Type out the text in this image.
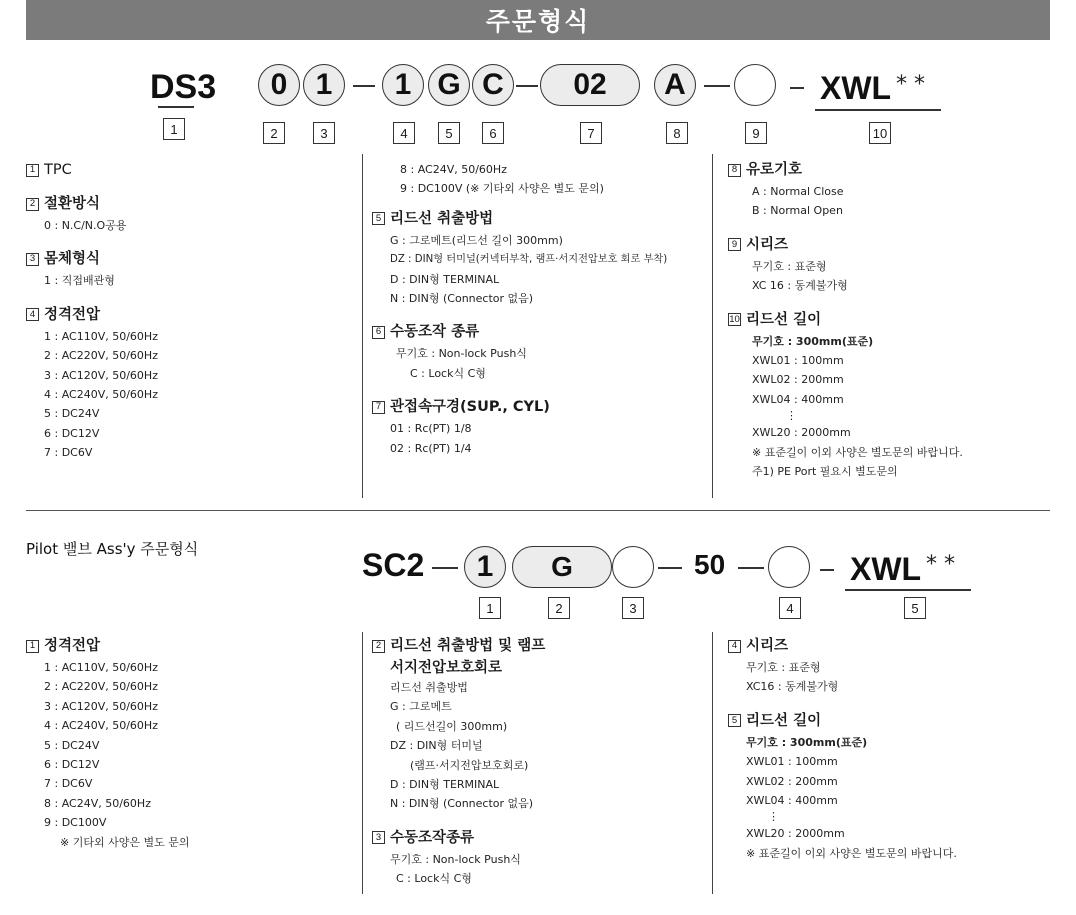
주문형식
DS3	0 1	1 G C	02	A	XWL * *
1	2	3	4	5	6	7	8	9	10
1 TPC
2 절환방식
0 : N.C/N.O공용
3 몸체형식
1 : 직접배관형
4 정격전압
1 : AC110V, 50/60Hz
2 : AC220V, 50/60Hz
3 : AC120V, 50/60Hz
4 : AC240V, 50/60Hz
5 : DC24V
6 : DC12V
7 : DC6V
8 : AC24V, 50/60Hz
9 : DC100V (※ 기타외 사양은 별도 문의)
5 리드선 취출방법
G : 그로메트(리드선 길이 300mm)
DZ : DIN형 터미널(커넥터부착, 램프·서지전압보호 회로 부착)
D : DIN형 TERMINAL
N : DIN형 (Connector 없음)
6 수동조작 종류
무기호 : Non-lock Push식
C : Lock식 C형
7 관접속구경(SUP., CYL)
01 : Rc(PT) 1/8
02 : Rc(PT) 1/4
8 유로기호
A : Normal Close
B : Normal Open
9 시리즈
무기호 : 표준형
XC 16 : 동계불가형
10 리드선 길이
무기호 : 300mm(표준)
XWL01 : 100mm
XWL02 : 200mm
XWL04 : 400mm
⋮
XWL20 : 2000mm
※ 표준길이 이외 사양은 별도문의 바랍니다.
주1) PE Port 필요시 별도문의
Pilot 밸브 Ass'y 주문형식	SC2	1	G	50	XWL * *
1	2	3	4	5
1 정격전압
1 : AC110V, 50/60Hz
2 : AC220V, 50/60Hz
3 : AC120V, 50/60Hz
4 : AC240V, 50/60Hz
5 : DC24V
6 : DC12V
7 : DC6V
8 : AC24V, 50/60Hz
9 : DC100V
※ 기타외 사양은 별도 문의
2 리드선 취출방법 및 램프
서지전압보호회로
리드선 취출방법
G : 그로메트
( 리드선길이 300mm)
DZ : DIN형 터미널
(램프·서지전압보호회로)
D : DIN형 TERMINAL
N : DIN형 (Connector 없음)
3 수동조작종류
무기호 : Non-lock Push식
C : Lock식 C형
4 시리즈
무기호 : 표준형
XC16 : 동계불가형
5 리드선 길이
무기호 : 300mm(표준)
XWL01 : 100mm
XWL02 : 200mm
XWL04 : 400mm
⋮
XWL20 : 2000mm
※ 표준길이 이외 사양은 별도문의 바랍니다.
